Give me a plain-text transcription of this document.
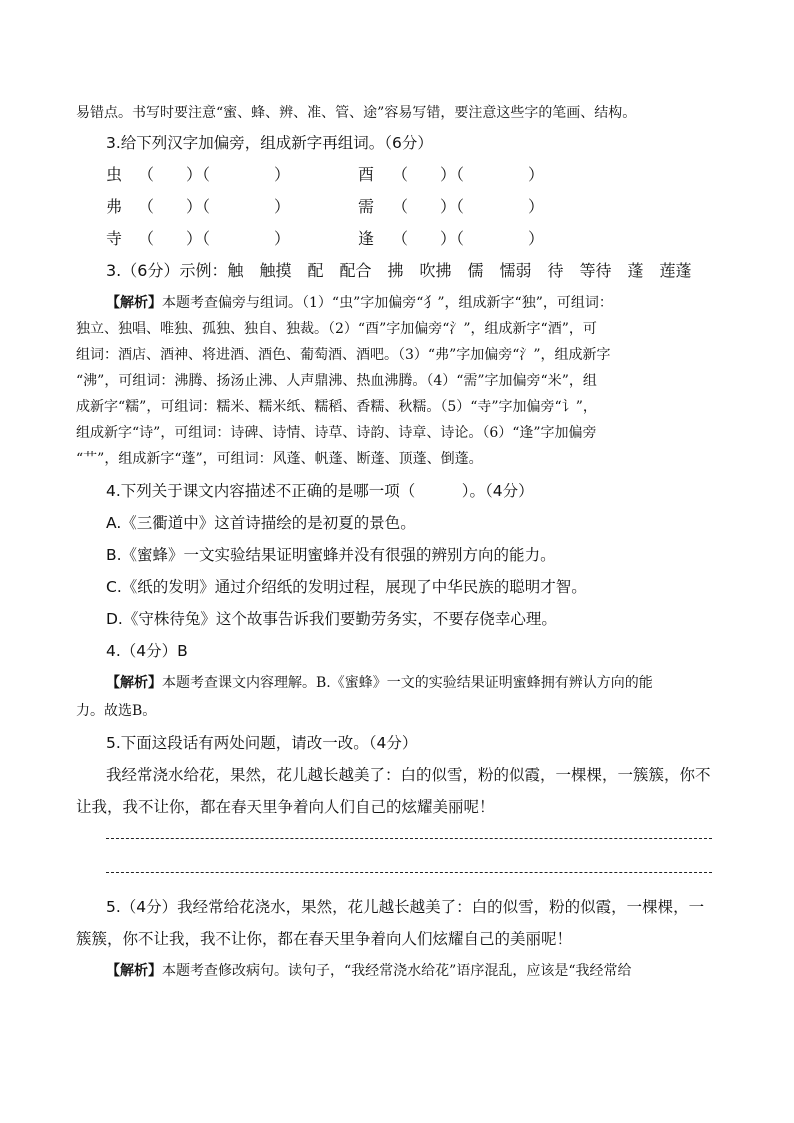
易错点。书写时要注意“蜜、蜂、辨、准、管、途”容易写错，要注意这些字的笔画、结构。
3.给下列汉字加偏旁，组成新字再组词。（6分）
虫 （　　）（　　　　）	酉 （　　）（　　　　）
弗 （　　）（　　　　）	需 （　　）（　　　　）
寺 （　　）（　　　　）	逢 （　　）（　　　　）
3.（6分）示例：触　触摸　配　配合　拂　吹拂　儒　懦弱　待　等待　蓬　莲蓬
【解析】本题考查偏旁与组词。（1）“虫”字加偏旁“犭”，组成新字“独”，可组词：
独立、独唱、唯独、孤独、独自、独裁。（2）“酉”字加偏旁“氵”，组成新字“酒”，可
组词：酒店、酒神、将进酒、酒色、葡萄酒、酒吧。（3）“弗”字加偏旁“氵”，组成新字
“沸”，可组词：沸腾、扬汤止沸、人声鼎沸、热血沸腾。（4）“需”字加偏旁“米”，组
成新字“糯”，可组词：糯米、糯米纸、糯稻、香糯、秋糯。（5）“寺”字加偏旁“讠”，
组成新字“诗”，可组词：诗碑、诗情、诗草、诗韵、诗章、诗论。（6）“逢”字加偏旁
“艹”，组成新字“蓬”，可组词：风蓬、帆蓬、断蓬、顶蓬、倒蓬。
4.下列关于课文内容描述不正确的是哪一项（　　　）。（4分）
A.《三衢道中》这首诗描绘的是初夏的景色。
B.《蜜蜂》一文实验结果证明蜜蜂并没有很强的辨别方向的能力。
C.《纸的发明》通过介绍纸的发明过程，展现了中华民族的聪明才智。
D.《守株待兔》这个故事告诉我们要勤劳务实，不要存侥幸心理。
4.（4分）B
【解析】本题考查课文内容理解。B.《蜜蜂》一文的实验结果证明蜜蜂拥有辨认方向的能
力。故选B。
5.下面这段话有两处问题，请改一改。（4分）
我经常浇水给花，果然，花儿越长越美了：白的似雪，粉的似霞，一棵棵，一簇簇，你不
让我，我不让你，都在春天里争着向人们自己的炫耀美丽呢！
5.（4分）我经常给花浇水，果然，花儿越长越美了：白的似雪，粉的似霞，一棵棵，一
簇簇，你不让我，我不让你，都在春天里争着向人们炫耀自己的美丽呢！
【解析】本题考查修改病句。读句子，“我经常浇水给花”语序混乱，应该是“我经常给
